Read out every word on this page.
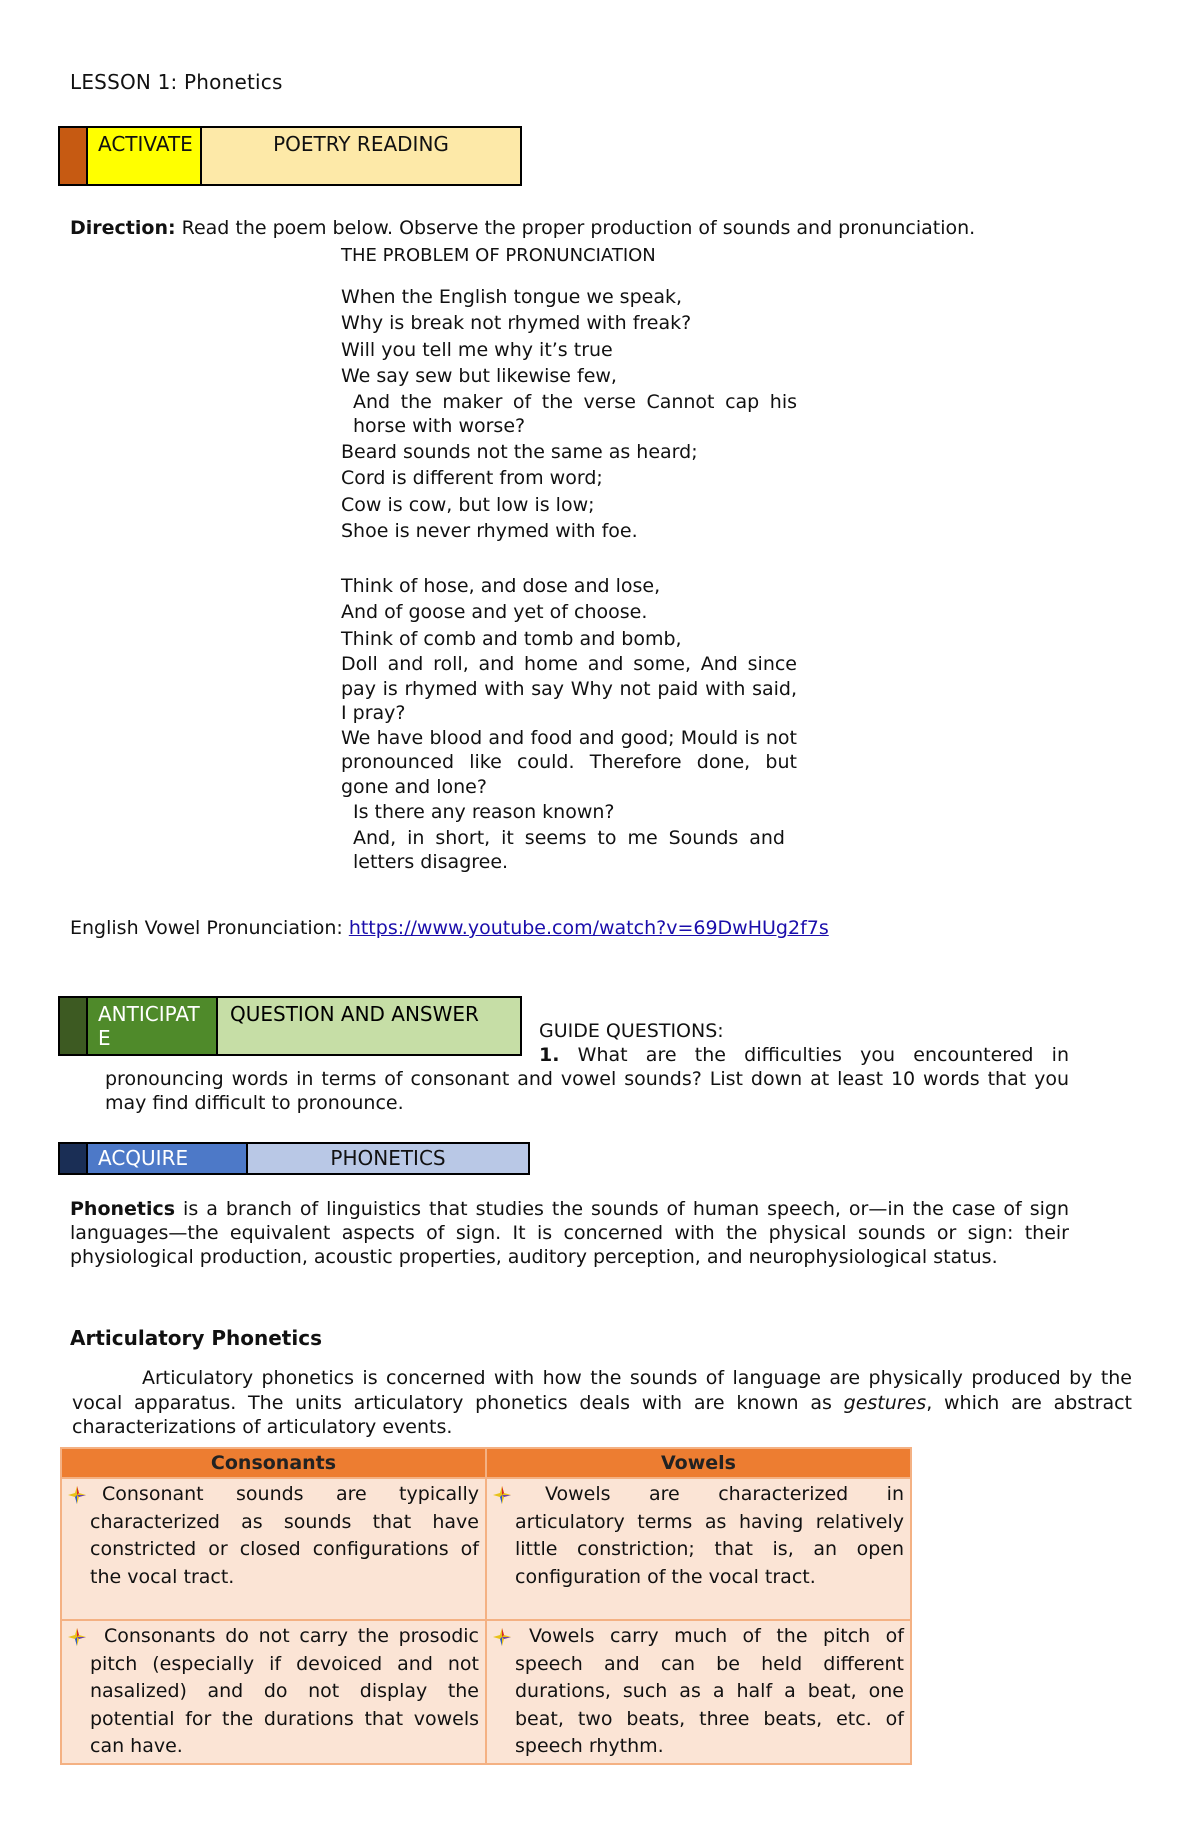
LESSON 1: Phonetics
ACTIVATE	POETRY READING
Direction: Read the poem below. Observe the proper production of sounds and pronunciation.
THE PROBLEM OF PRONUNCIATION
When the English tongue we speak,
Why is break not rhymed with freak?
Will you tell me why it’s true
We say sew but likewise few,
And the maker of the verse Cannot cap his horse with worse?
Beard sounds not the same as heard;
Cord is different from word;
Cow is cow, but low is low;
Shoe is never rhymed with foe.
Think of hose, and dose and lose,
And of goose and yet of choose.
Think of comb and tomb and bomb,
Doll and roll, and home and some, And since pay is rhymed with say Why not paid with said, I pray?
We have blood and food and good; Mould is not pronounced like could. Therefore done, but gone and lone?
Is there any reason known?
And, in short, it seems to me Sounds and letters disagree.
English Vowel Pronunciation: https://www.youtube.com/watch?v=69DwHUg2f7s
ANTICIPATE
QUESTION AND ANSWER
GUIDE QUESTIONS:
1. What are the difficulties you encountered in
pronouncing words in terms of consonant and vowel sounds? List down at least 10 words that you may find difficult to pronounce.
ACQUIRE	PHONETICS
Phonetics is a branch of linguistics that studies the sounds of human speech, or—in the case of sign languages—the equivalent aspects of sign. It is concerned with the physical sounds or sign: their physiological production, acoustic properties, auditory perception, and neurophysiological status.
Articulatory Phonetics
Articulatory phonetics is concerned with how the sounds of language are physically produced by the vocal apparatus. The units articulatory phonetics deals with are known as gestures, which are abstract characterizations of articulatory events.
Consonants	Vowels

Consonant sounds are typically characterized as sounds that have constricted or closed configurations of the vocal tract.	Vowels are characterized in articulatory terms as having relatively little constriction; that is, an open configuration of the vocal tract.

Consonants do not carry the prosodic pitch (especially if devoiced and not nasalized) and do not display the potential for the durations that vowels can have.	Vowels carry much of the pitch of speech and can be held different durations, such as a half a beat, one beat, two beats, three beats, etc. of speech rhythm.
